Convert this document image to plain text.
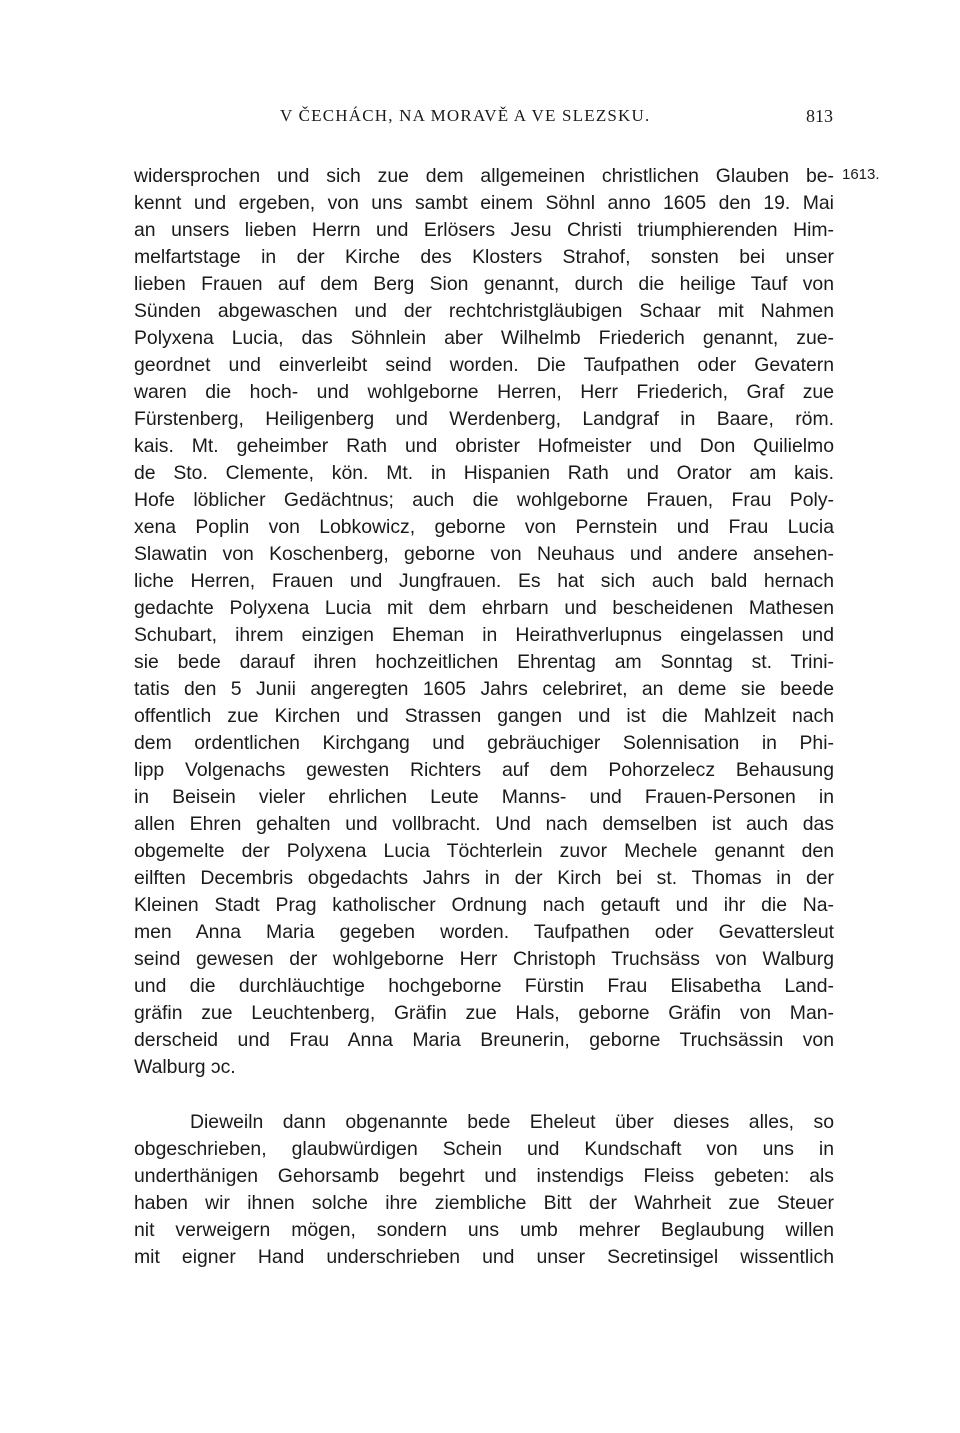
V ČECHÁCH, NA MORAVĚ A VE SLEZSKU.	813
1613.
widersprochen und sich zue dem allgemeinen christlichen Glauben be-
kennt und ergeben, von uns sambt einem Söhnl anno 1605 den 19. Mai
an unsers lieben Herrn und Erlösers Jesu Christi triumphierenden Him-
melfartstage in der Kirche des Klosters Strahof, sonsten bei unser
lieben Frauen auf dem Berg Sion genannt, durch die heilige Tauf von
Sünden abgewaschen und der rechtchristgläubigen Schaar mit Nahmen
Polyxena Lucia, das Söhnlein aber Wilhelmb Friederich genannt, zue-
geordnet und einverleibt seind worden. Die Taufpathen oder Gevatern
waren die hoch- und wohlgeborne Herren, Herr Friederich, Graf zue
Fürstenberg, Heiligenberg und Werdenberg, Landgraf in Baare, röm.
kais. Mt. geheimber Rath und obrister Hofmeister und Don Quilielmo
de Sto. Clemente, kön. Mt. in Hispanien Rath und Orator am kais.
Hofe löblicher Gedächtnus; auch die wohlgeborne Frauen, Frau Poly-
xena Poplin von Lobkowicz, geborne von Pernstein und Frau Lucia
Slawatin von Koschenberg, geborne von Neuhaus und andere ansehen-
liche Herren, Frauen und Jungfrauen. Es hat sich auch bald hernach
gedachte Polyxena Lucia mit dem ehrbarn und bescheidenen Mathesen
Schubart, ihrem einzigen Eheman in Heirathverlupnus eingelassen und
sie bede darauf ihren hochzeitlichen Ehrentag am Sonntag st. Trini-
tatis den 5 Junii angeregten 1605 Jahrs celebriret, an deme sie beede
offentlich zue Kirchen und Strassen gangen und ist die Mahlzeit nach
dem ordentlichen Kirchgang und gebräuchiger Solennisation in Phi-
lipp Volgenachs gewesten Richters auf dem Pohorzelecz Behausung
in Beisein vieler ehrlichen Leute Manns- und Frauen-Personen in
allen Ehren gehalten und vollbracht. Und nach demselben ist auch das
obgemelte der Polyxena Lucia Töchterlein zuvor Mechele genannt den
eilften Decembris obgedachts Jahrs in der Kirch bei st. Thomas in der
Kleinen Stadt Prag katholischer Ordnung nach getauft und ihr die Na-
men Anna Maria gegeben worden. Taufpathen oder Gevattersleut
seind gewesen der wohlgeborne Herr Christoph Truchsäss von Walburg
und die durchläuchtige hochgeborne Fürstin Frau Elisabetha Land-
gräfin zue Leuchtenberg, Gräfin zue Hals, geborne Gräfin von Man-
derscheid und Frau Anna Maria Breunerin, geborne Truchsässin von
Walburg ɔc.
Dieweiln dann obgenannte bede Eheleut über dieses alles, so
obgeschrieben, glaubwürdigen Schein und Kundschaft von uns in
underthänigen Gehorsamb begehrt und instendigs Fleiss gebeten: als
haben wir ihnen solche ihre ziembliche Bitt der Wahrheit zue Steuer
nit verweigern mögen, sondern uns umb mehrer Beglaubung willen
mit eigner Hand underschrieben und unser Secretinsigel wissentlich
